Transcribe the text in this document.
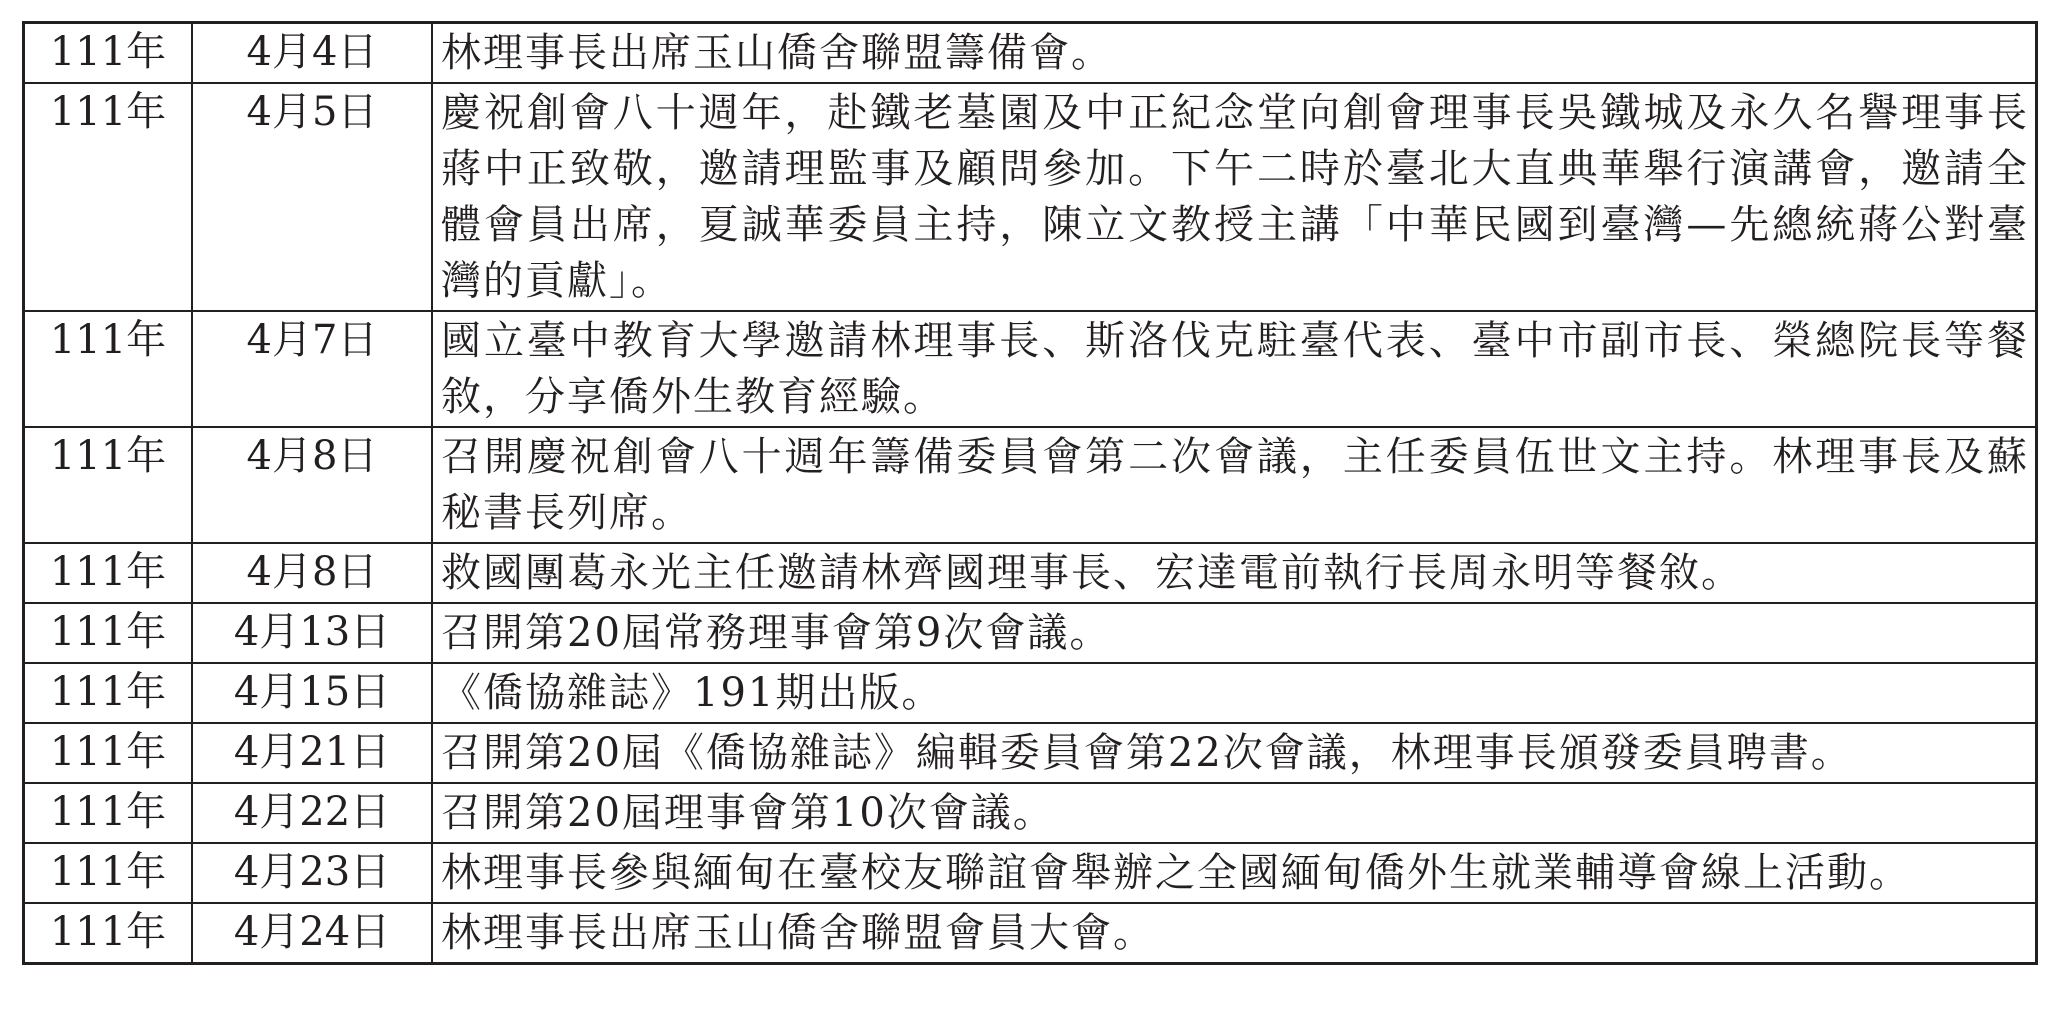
111年	4月4日	林理事長出席玉山僑舍聯盟籌備會。
111年	4月5日	慶祝創會八十週年，赴鐵老墓園及中正紀念堂向創會理事長吳鐵城及永久名譽理事長蔣中正致敬，邀請理監事及顧問參加。下午二時於臺北大直典華舉行演講會，邀請全體會員出席，夏誠華委員主持，陳立文教授主講「中華民國到臺灣—先總統蔣公對臺灣的貢獻」。
111年	4月7日	國立臺中教育大學邀請林理事長、斯洛伐克駐臺代表、臺中市副市長、榮總院長等餐敘，分享僑外生教育經驗。
111年	4月8日	召開慶祝創會八十週年籌備委員會第二次會議，主任委員伍世文主持。林理事長及蘇秘書長列席。
111年	4月8日	救國團葛永光主任邀請林齊國理事長、宏達電前執行長周永明等餐敘。
111年	4月13日	召開第20屆常務理事會第9次會議。
111年	4月15日	《僑協雜誌》191期出版。
111年	4月21日	召開第20屆《僑協雜誌》編輯委員會第22次會議，林理事長頒發委員聘書。
111年	4月22日	召開第20屆理事會第10次會議。
111年	4月23日	林理事長參與緬甸在臺校友聯誼會舉辦之全國緬甸僑外生就業輔導會線上活動。
111年	4月24日	林理事長出席玉山僑舍聯盟會員大會。
